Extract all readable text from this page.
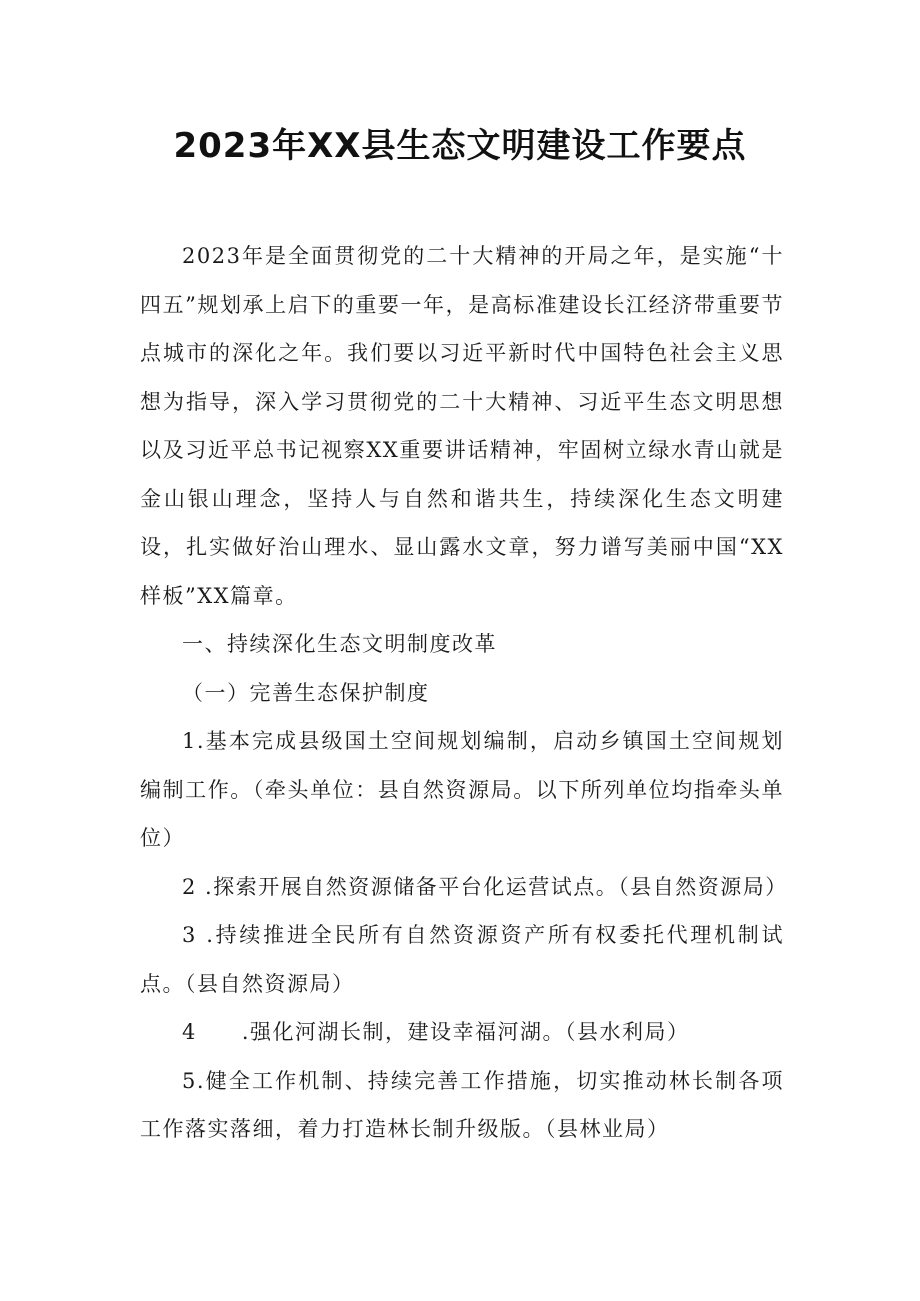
2023年XX县生态文明建设工作要点

2023年是全面贯彻党的二十大精神的开局之年，是实施“十四五”规划承上启下的重要一年，是高标准建设长江经济带重要节点城市的深化之年。我们要以习近平新时代中国特色社会主义思想为指导，深入学习贯彻党的二十大精神、习近平生态文明思想以及习近平总书记视察XX重要讲话精神，牢固树立绿水青山就是金山银山理念，坚持人与自然和谐共生，持续深化生态文明建设，扎实做好治山理水、显山露水文章，努力谱写美丽中国“XX样板”XX篇章。

一、持续深化生态文明制度改革

（一）完善生态保护制度

1.基本完成县级国土空间规划编制，启动乡镇国土空间规划编制工作。（牵头单位：县自然资源局。以下所列单位均指牵头单位）

2 .探索开展自然资源储备平台化运营试点。（县自然资源局）

3 .持续推进全民所有自然资源资产所有权委托代理机制试点。（县自然资源局）

4　　.强化河湖长制，建设幸福河湖。（县水利局）

5.健全工作机制、持续完善工作措施，切实推动林长制各项工作落实落细，着力打造林长制升级版。（县林业局）
